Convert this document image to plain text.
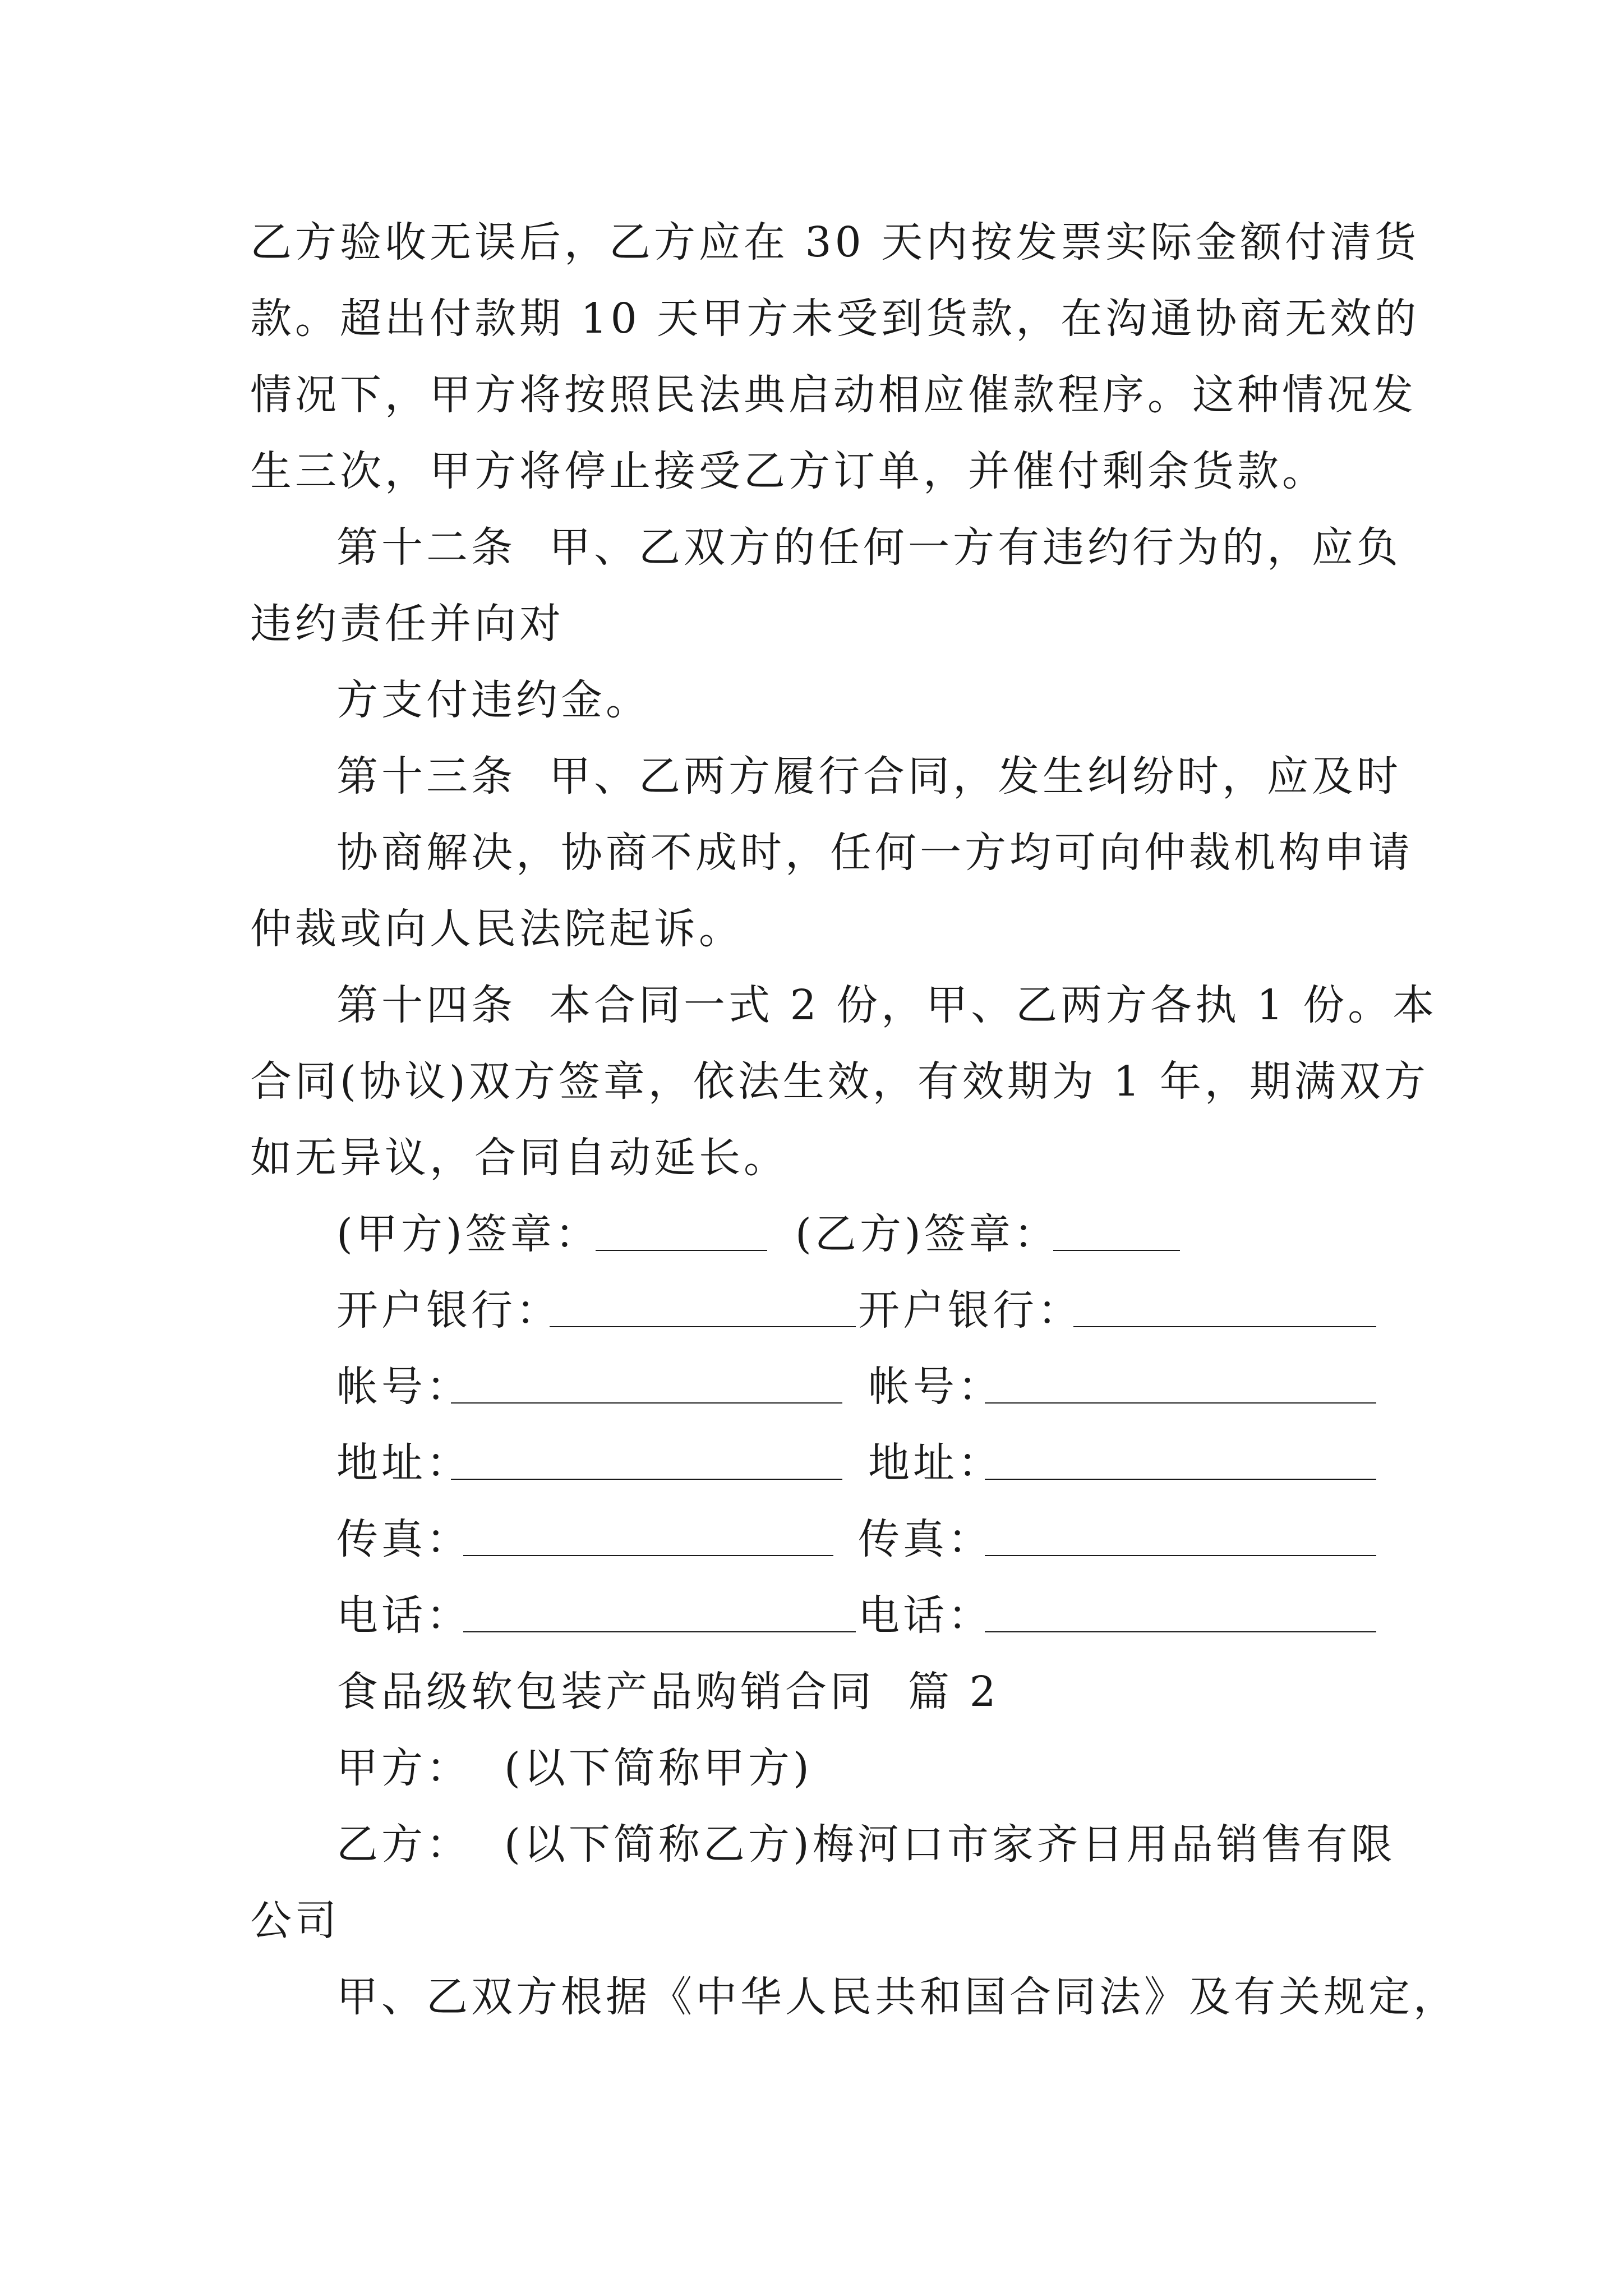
乙方验收无误后，乙方应在 30 天内按发票实际金额付清货
款。超出付款期 10 天甲方未受到货款，在沟通协商无效的
情况下，甲方将按照民法典启动相应催款程序。这种情况发
生三次，甲方将停止接受乙方订单，并催付剩余货款。
第十二条  甲、乙双方的任何一方有违约行为的，应负
违约责任并向对
方支付违约金。
第十三条  甲、乙两方履行合同，发生纠纷时，应及时
协商解决，协商不成时，任何一方均可向仲裁机构申请
仲裁或向人民法院起诉。
第十四条  本合同一式 2 份，甲、乙两方各执 1 份。本
合同(协议)双方签章，依法生效，有效期为 1 年，期满双方
如无异议，合同自动延长。
(甲方)签章：	(乙方)签章：
开户银行：	开户银行：
帐号：	帐号：
地址：	地址：
传真：	传真：
电话：	电话：
食品级软包装产品购销合同  篇 2
甲方：  (以下简称甲方)
乙方：  (以下简称乙方)梅河口市家齐日用品销售有限
公司
甲、乙双方根据《中华人民共和国合同法》及有关规定，
